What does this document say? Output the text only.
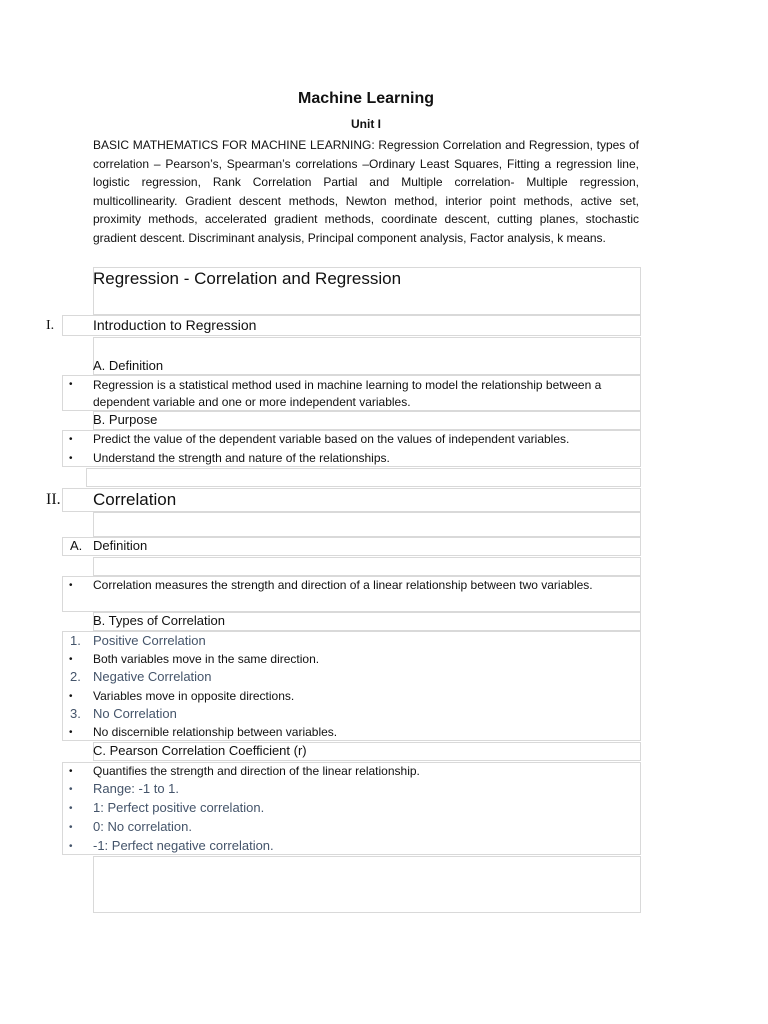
Machine Learning
Unit I
BASIC MATHEMATICS FOR MACHINE LEARNING: Regression Correlation and Regression, types of correlation – Pearson’s, Spearman’s correlations –Ordinary Least Squares, Fitting a regression line, logistic regression, Rank Correlation Partial and Multiple correlation- Multiple regression, multicollinearity. Gradient descent methods, Newton method, interior point methods, active set, proximity methods, accelerated gradient methods, coordinate descent, cutting planes, stochastic gradient descent. Discriminant analysis, Principal component analysis, Factor analysis, k means.
Regression - Correlation and Regression
I.	Introduction to Regression
A. Definition
• Regression is a statistical method used in machine learning to model the relationship between a dependent variable and one or more independent variables.
B. Purpose
• Predict the value of the dependent variable based on the values of independent variables.
• Understand the strength and nature of the relationships.
II. Correlation
A. Definition
• Correlation measures the strength and direction of a linear relationship between two variables.
B. Types of Correlation
1. Positive Correlation
• Both variables move in the same direction.
2. Negative Correlation
• Variables move in opposite directions.
3. No Correlation
• No discernible relationship between variables.
C. Pearson Correlation Coefficient (r)
• Quantifies the strength and direction of the linear relationship.
• Range: -1 to 1.
• 1: Perfect positive correlation.
• 0: No correlation.
• -1: Perfect negative correlation.
